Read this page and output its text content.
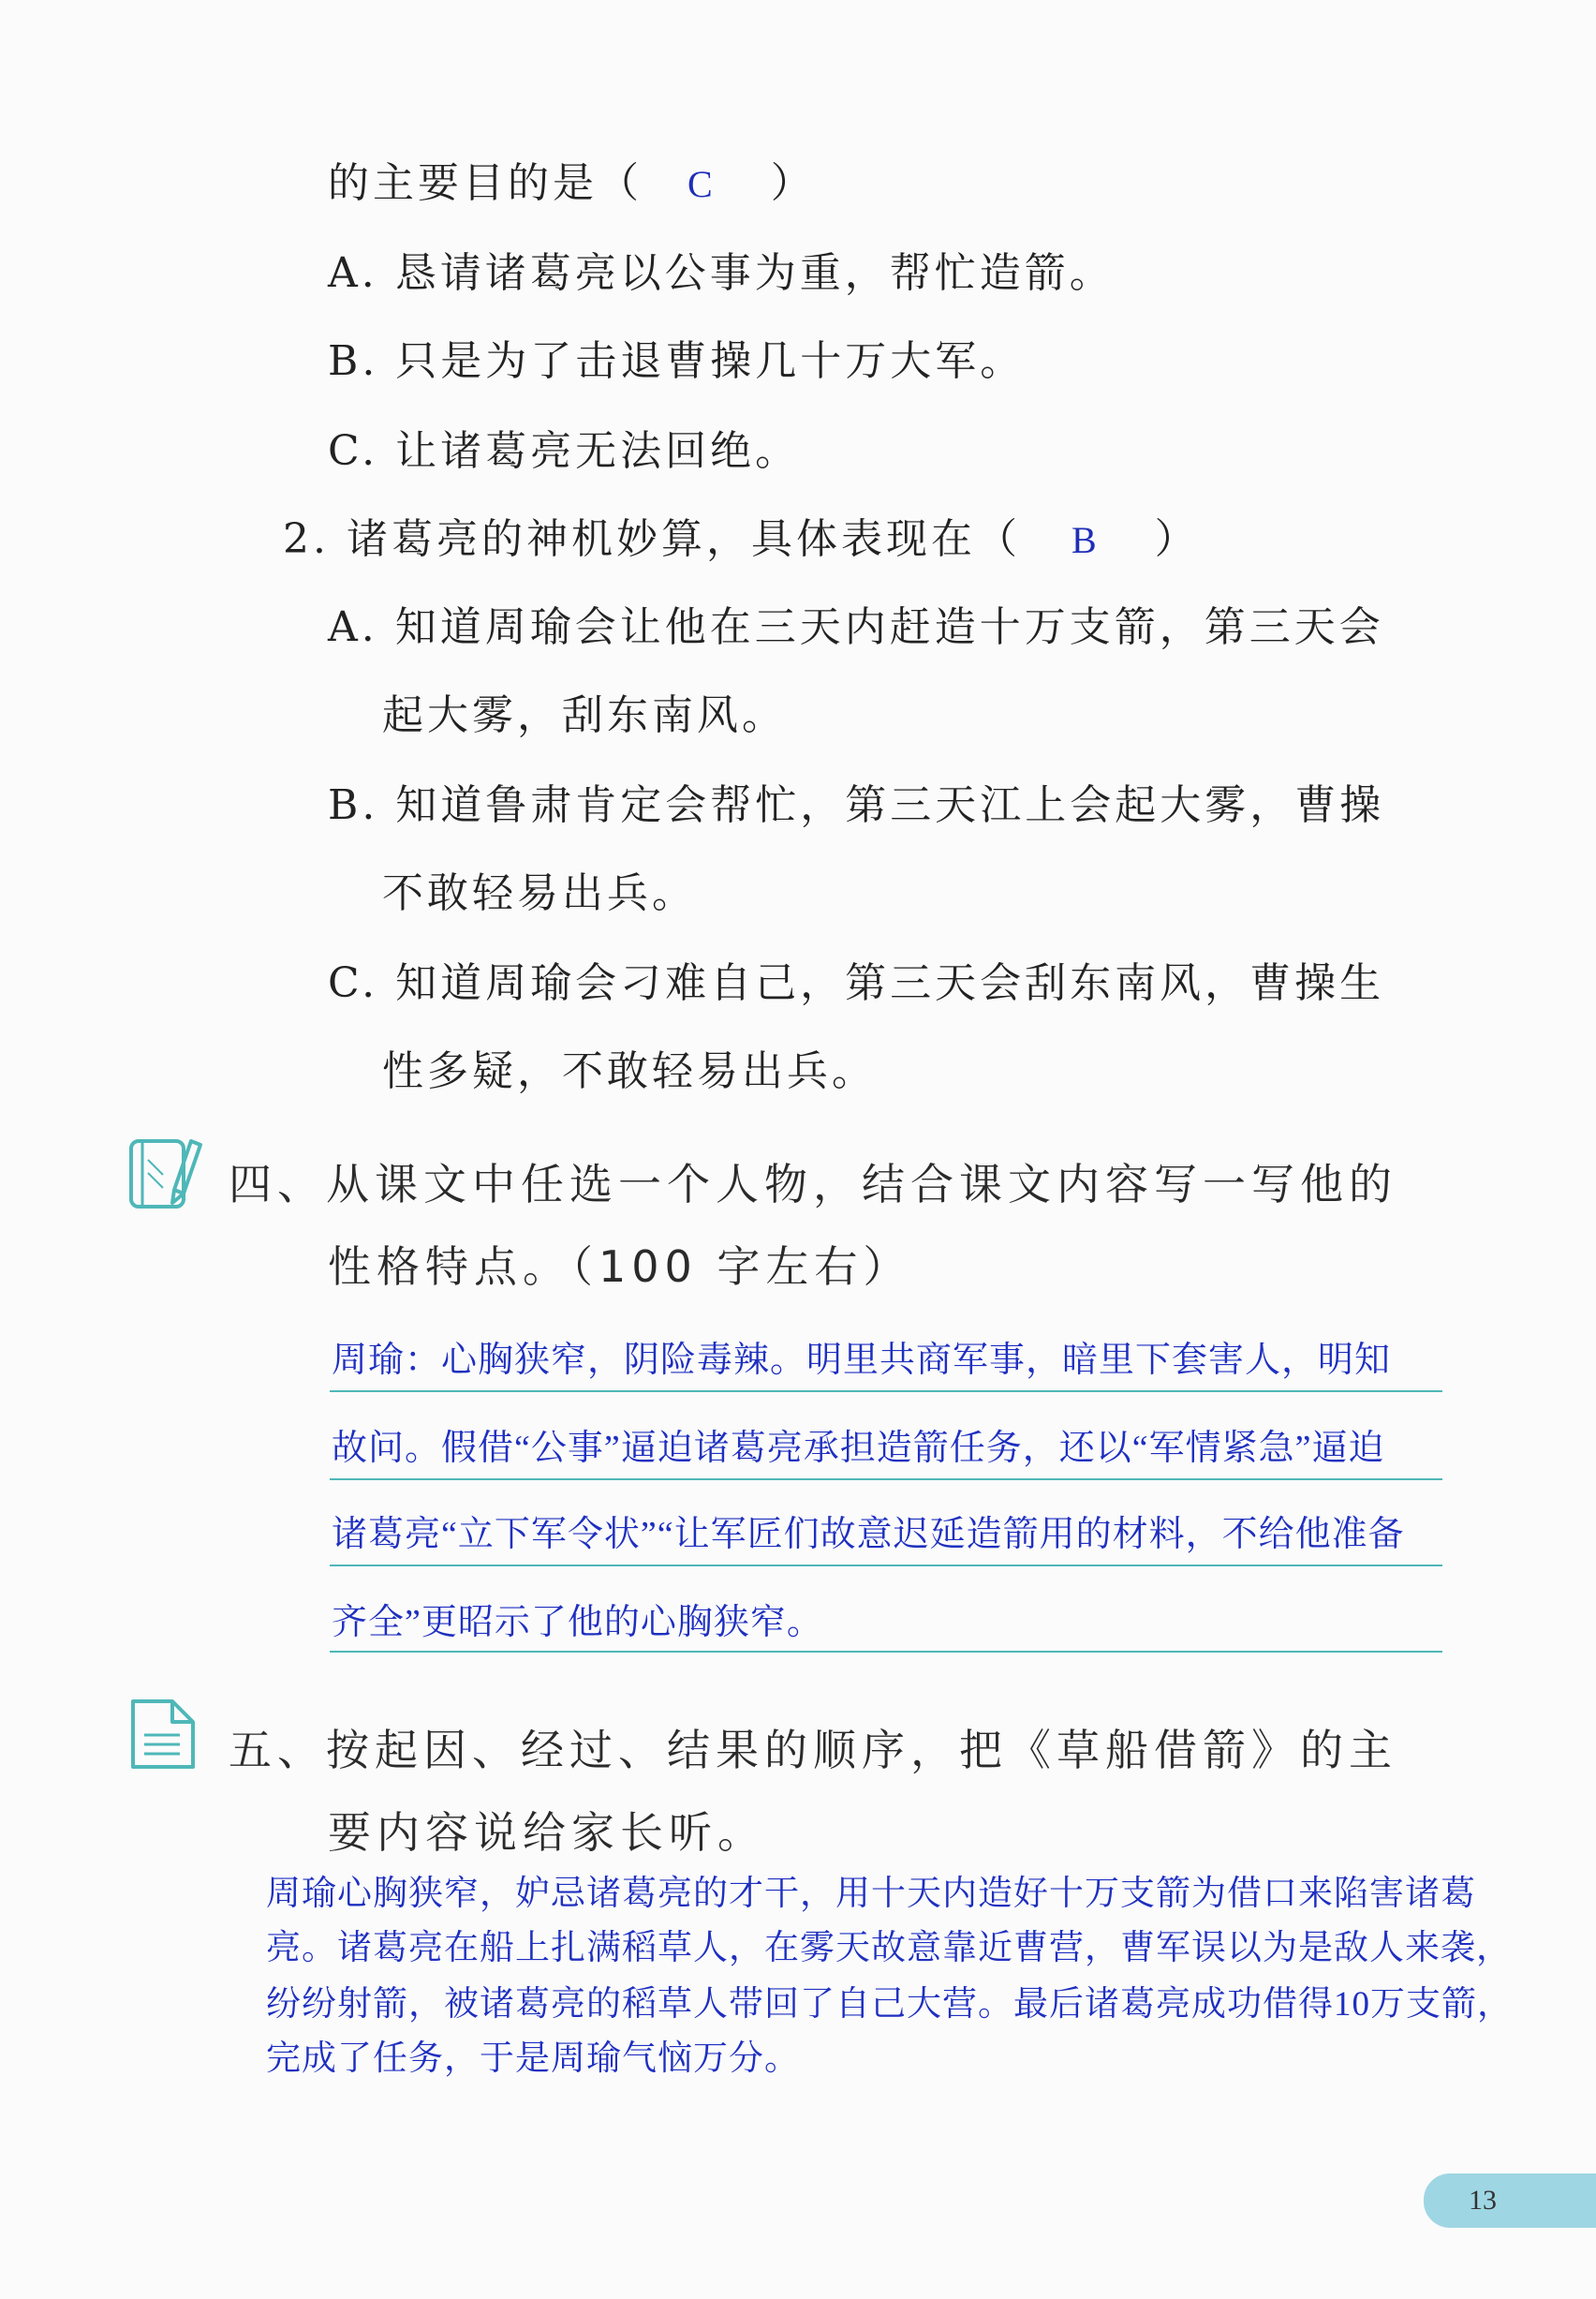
的主要目的是（ C ）
A. 恳请诸葛亮以公事为重，帮忙造箭。
B. 只是为了击退曹操几十万大军。
C. 让诸葛亮无法回绝。
2. 诸葛亮的神机妙算，具体表现在（ B ）
A. 知道周瑜会让他在三天内赶造十万支箭，第三天会
起大雾，刮东南风。
B. 知道鲁肃肯定会帮忙，第三天江上会起大雾，曹操
不敢轻易出兵。
C. 知道周瑜会刁难自己，第三天会刮东南风，曹操生
性多疑，不敢轻易出兵。
四、从课文中任选一个人物，结合课文内容写一写他的
性格特点。（100 字左右）
周瑜：心胸狭窄，阴险毒辣。明里共商军事，暗里下套害人，明知
故问。假借“公事”逼迫诸葛亮承担造箭任务，还以“军情紧急”逼迫
诸葛亮“立下军令状”“让军匠们故意迟延造箭用的材料，不给他准备
齐全”更昭示了他的心胸狭窄。
五、按起因、经过、结果的顺序，把《草船借箭》的主
要内容说给家长听。
周瑜心胸狭窄，妒忌诸葛亮的才干，用十天内造好十万支箭为借口来陷害诸葛
亮。诸葛亮在船上扎满稻草人，在雾天故意靠近曹营，曹军误以为是敌人来袭，
纷纷射箭，被诸葛亮的稻草人带回了自己大营。最后诸葛亮成功借得10万支箭，
完成了任务，于是周瑜气恼万分。
13
